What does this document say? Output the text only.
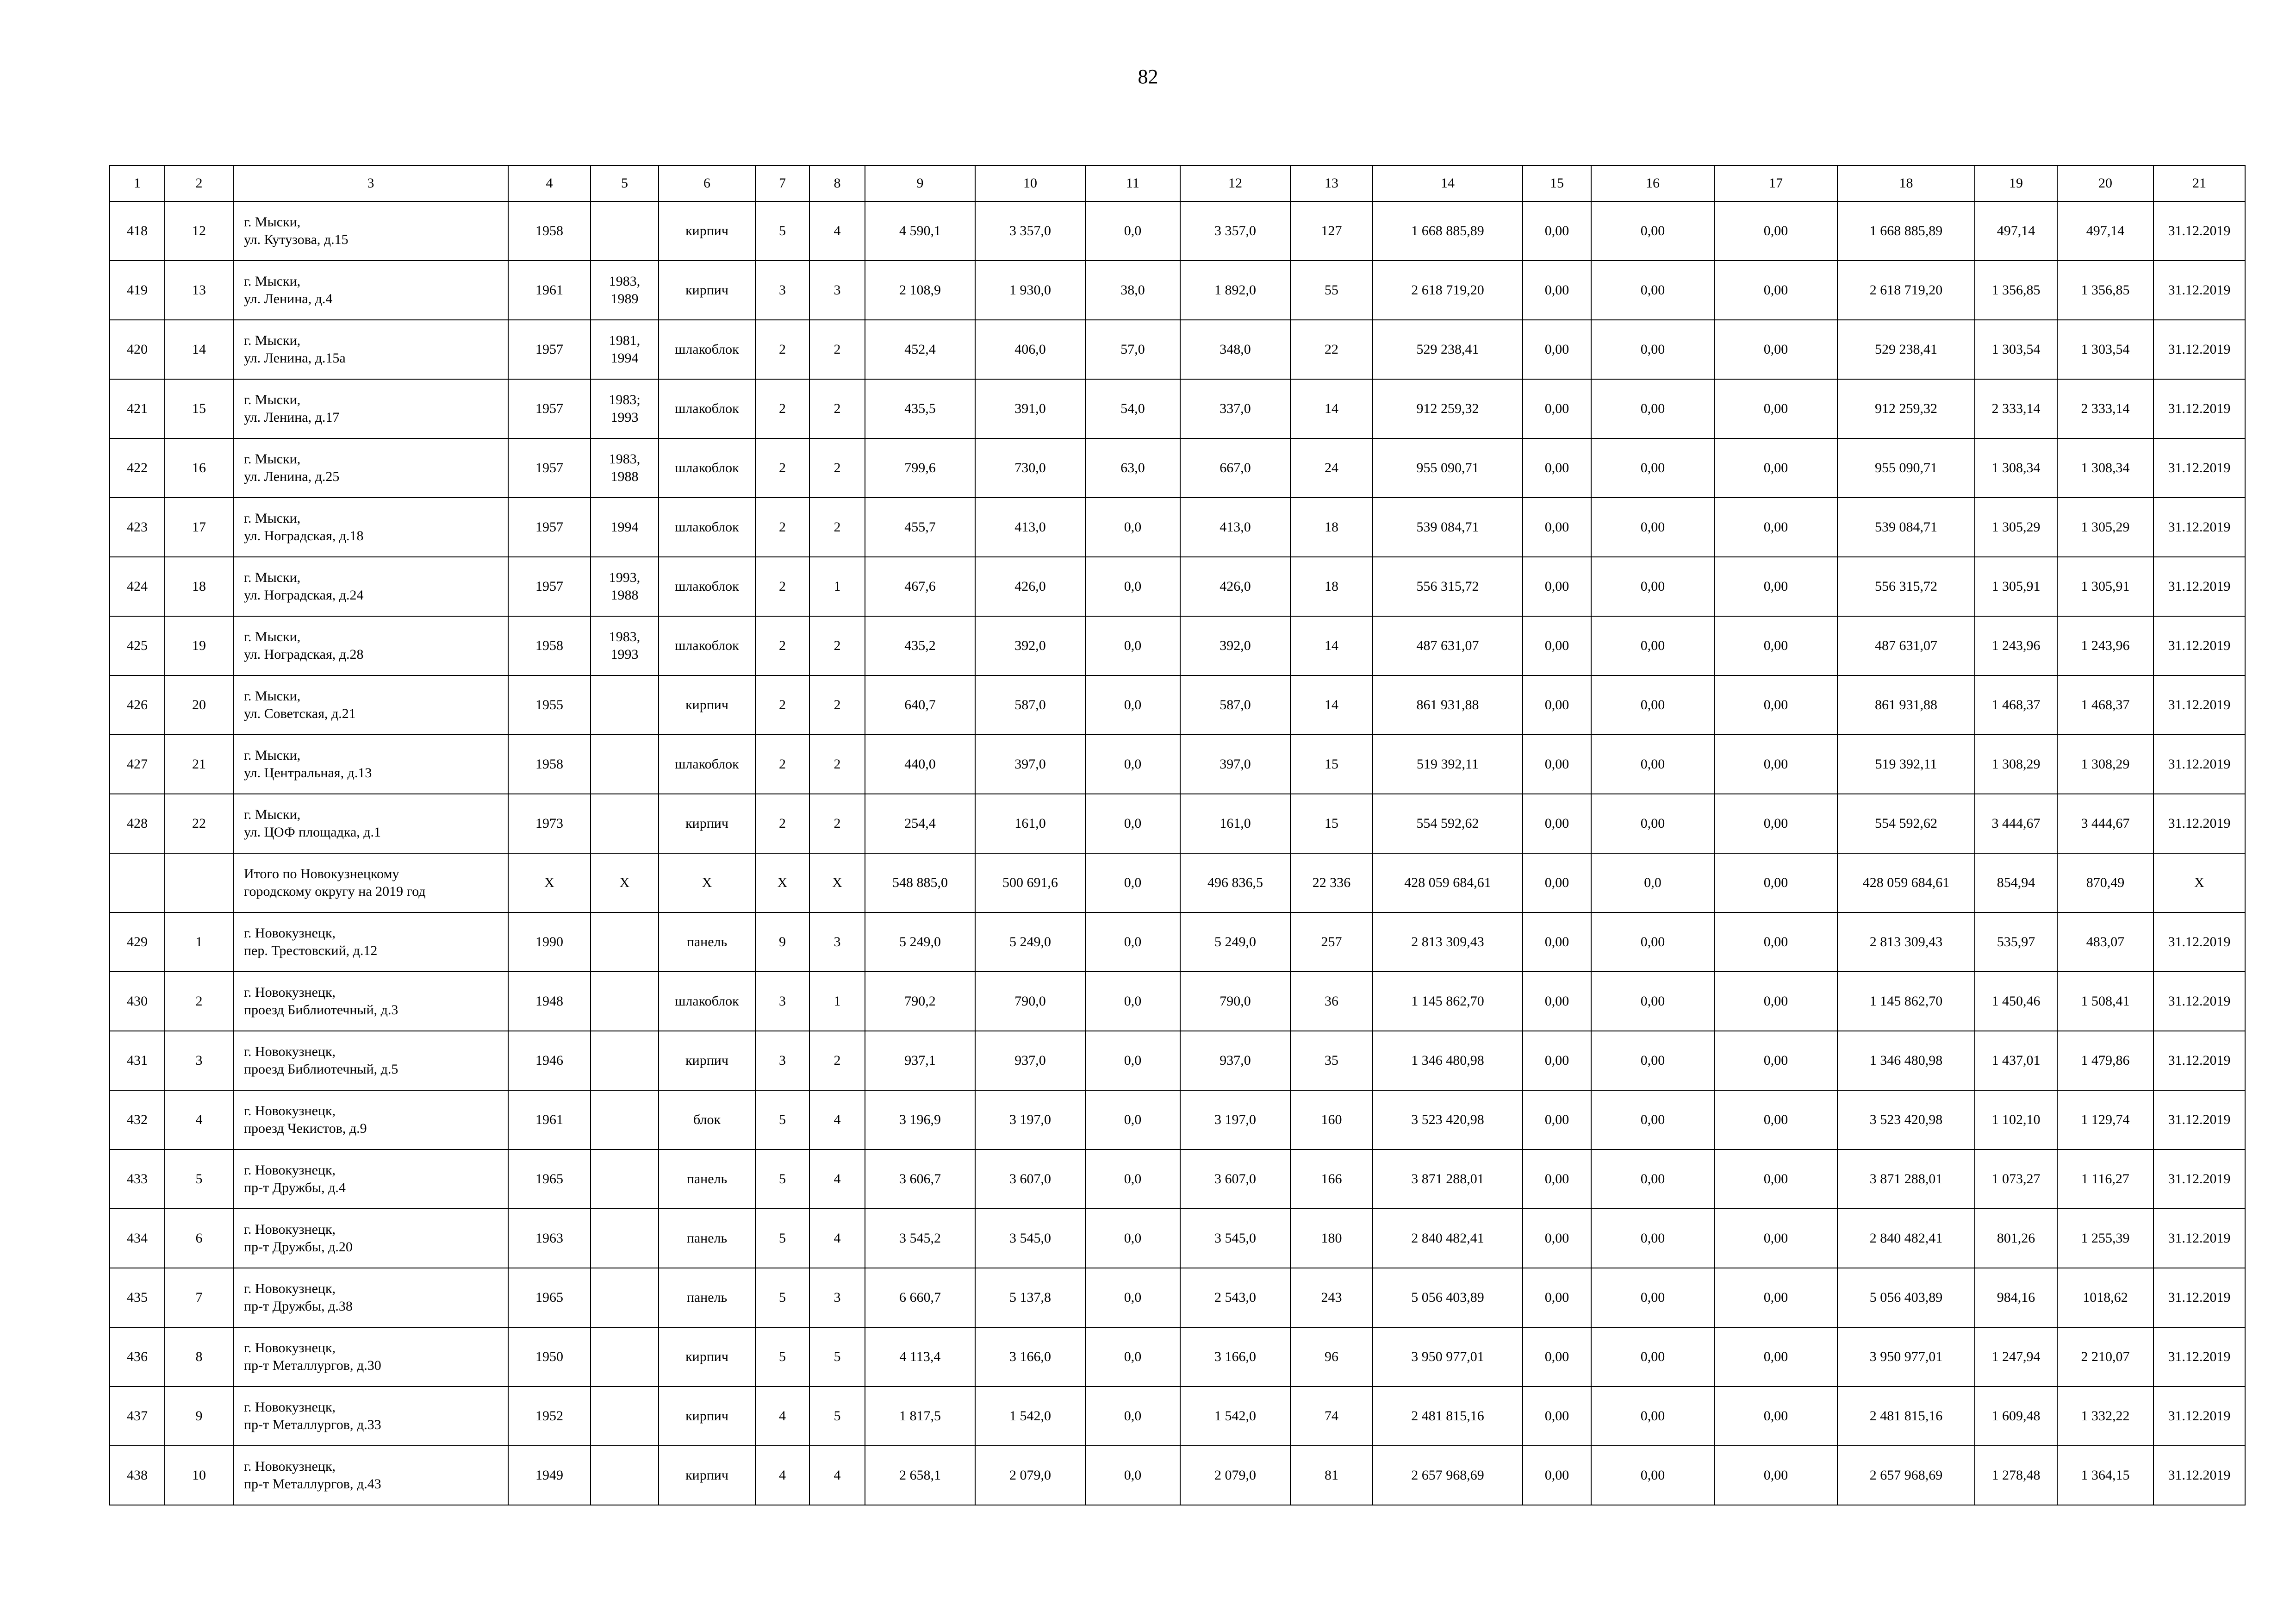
82
1	2	3	4	5	6	7	8	9	10	11	12	13	14	15	16	17	18	19	20	21
418	12	г. Мыски,
ул. Кутузова, д.15	1958		кирпич	5	4	4 590,1	3 357,0	0,0	3 357,0	127	1 668 885,89	0,00	0,00	0,00	1 668 885,89	497,14	497,14	31.12.2019
419	13	г. Мыски,
ул. Ленина, д.4	1961	1983,
1989	кирпич	3	3	2 108,9	1 930,0	38,0	1 892,0	55	2 618 719,20	0,00	0,00	0,00	2 618 719,20	1 356,85	1 356,85	31.12.2019
420	14	г. Мыски,
ул. Ленина, д.15а	1957	1981,
1994	шлакоблок	2	2	452,4	406,0	57,0	348,0	22	529 238,41	0,00	0,00	0,00	529 238,41	1 303,54	1 303,54	31.12.2019
421	15	г. Мыски,
ул. Ленина, д.17	1957	1983;
1993	шлакоблок	2	2	435,5	391,0	54,0	337,0	14	912 259,32	0,00	0,00	0,00	912 259,32	2 333,14	2 333,14	31.12.2019
422	16	г. Мыски,
ул. Ленина, д.25	1957	1983,
1988	шлакоблок	2	2	799,6	730,0	63,0	667,0	24	955 090,71	0,00	0,00	0,00	955 090,71	1 308,34	1 308,34	31.12.2019
423	17	г. Мыски,
ул. Ноградская, д.18	1957	1994	шлакоблок	2	2	455,7	413,0	0,0	413,0	18	539 084,71	0,00	0,00	0,00	539 084,71	1 305,29	1 305,29	31.12.2019
424	18	г. Мыски,
ул. Ноградская, д.24	1957	1993,
1988	шлакоблок	2	1	467,6	426,0	0,0	426,0	18	556 315,72	0,00	0,00	0,00	556 315,72	1 305,91	1 305,91	31.12.2019
425	19	г. Мыски,
ул. Ноградская, д.28	1958	1983,
1993	шлакоблок	2	2	435,2	392,0	0,0	392,0	14	487 631,07	0,00	0,00	0,00	487 631,07	1 243,96	1 243,96	31.12.2019
426	20	г. Мыски,
ул. Советская, д.21	1955		кирпич	2	2	640,7	587,0	0,0	587,0	14	861 931,88	0,00	0,00	0,00	861 931,88	1 468,37	1 468,37	31.12.2019
427	21	г. Мыски,
ул. Центральная, д.13	1958		шлакоблок	2	2	440,0	397,0	0,0	397,0	15	519 392,11	0,00	0,00	0,00	519 392,11	1 308,29	1 308,29	31.12.2019
428	22	г. Мыски,
ул. ЦОФ площадка, д.1	1973		кирпич	2	2	254,4	161,0	0,0	161,0	15	554 592,62	0,00	0,00	0,00	554 592,62	3 444,67	3 444,67	31.12.2019
		Итого по Новокузнецкому
городскому округу на 2019 год	X	X	X	X	X	548 885,0	500 691,6	0,0	496 836,5	22 336	428 059 684,61	0,00	0,0	0,00	428 059 684,61	854,94	870,49	X
429	1	г. Новокузнецк,
пер. Трестовский, д.12	1990		панель	9	3	5 249,0	5 249,0	0,0	5 249,0	257	2 813 309,43	0,00	0,00	0,00	2 813 309,43	535,97	483,07	31.12.2019
430	2	г. Новокузнецк,
проезд Библиотечный, д.3	1948		шлакоблок	3	1	790,2	790,0	0,0	790,0	36	1 145 862,70	0,00	0,00	0,00	1 145 862,70	1 450,46	1 508,41	31.12.2019
431	3	г. Новокузнецк,
проезд Библиотечный, д.5	1946		кирпич	3	2	937,1	937,0	0,0	937,0	35	1 346 480,98	0,00	0,00	0,00	1 346 480,98	1 437,01	1 479,86	31.12.2019
432	4	г. Новокузнецк,
проезд Чекистов, д.9	1961		блок	5	4	3 196,9	3 197,0	0,0	3 197,0	160	3 523 420,98	0,00	0,00	0,00	3 523 420,98	1 102,10	1 129,74	31.12.2019
433	5	г. Новокузнецк,
пр-т Дружбы, д.4	1965		панель	5	4	3 606,7	3 607,0	0,0	3 607,0	166	3 871 288,01	0,00	0,00	0,00	3 871 288,01	1 073,27	1 116,27	31.12.2019
434	6	г. Новокузнецк,
пр-т Дружбы, д.20	1963		панель	5	4	3 545,2	3 545,0	0,0	3 545,0	180	2 840 482,41	0,00	0,00	0,00	2 840 482,41	801,26	1 255,39	31.12.2019
435	7	г. Новокузнецк,
пр-т Дружбы, д.38	1965		панель	5	3	6 660,7	5 137,8	0,0	2 543,0	243	5 056 403,89	0,00	0,00	0,00	5 056 403,89	984,16	1018,62	31.12.2019
436	8	г. Новокузнецк,
пр-т Металлургов, д.30	1950		кирпич	5	5	4 113,4	3 166,0	0,0	3 166,0	96	3 950 977,01	0,00	0,00	0,00	3 950 977,01	1 247,94	2 210,07	31.12.2019
437	9	г. Новокузнецк,
пр-т Металлургов, д.33	1952		кирпич	4	5	1 817,5	1 542,0	0,0	1 542,0	74	2 481 815,16	0,00	0,00	0,00	2 481 815,16	1 609,48	1 332,22	31.12.2019
438	10	г. Новокузнецк,
пр-т Металлургов, д.43	1949		кирпич	4	4	2 658,1	2 079,0	0,0	2 079,0	81	2 657 968,69	0,00	0,00	0,00	2 657 968,69	1 278,48	1 364,15	31.12.2019
